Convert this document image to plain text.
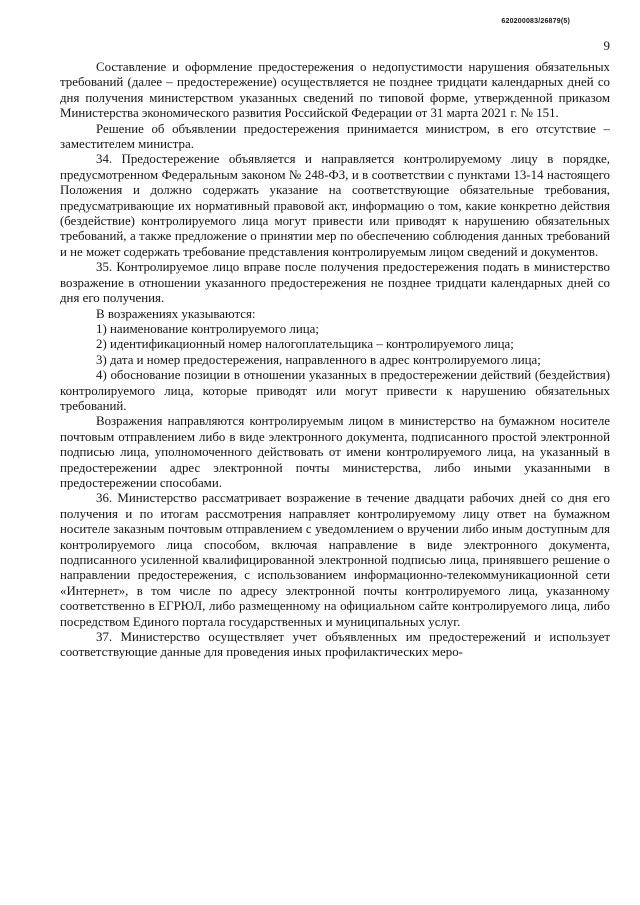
620200083/26879(5)
9

Составление и оформление предостережения о недопустимости нарушения обязательных требований (далее – предостережение) осуществляется не позднее тридцати календарных дней со дня получения министерством указанных сведений по типовой форме, утвержденной приказом Министерства экономического развития Российской Федерации от 31 марта 2021 г. № 151.

Решение об объявлении предостережения принимается министром, в его отсутствие – заместителем министра.

34. Предостережение объявляется и направляется контролируемому лицу в порядке, предусмотренном Федеральным законом № 248-ФЗ, и в соответствии с пунктами 13-14 настоящего Положения и должно содержать указание на соответствующие обязательные требования, предусматривающие их нормативный правовой акт, информацию о том, какие конкретно действия (бездействие) контролируемого лица могут привести или приводят к нарушению обязательных требований, а также предложение о принятии мер по обеспечению соблюдения данных требований и не может содержать требование представления контролируемым лицом сведений и документов.

35. Контролируемое лицо вправе после получения предостережения подать в министерство возражение в отношении указанного предостережения не позднее тридцати календарных дней со дня его получения.

В возражениях указываются:

1) наименование контролируемого лица;

2) идентификационный номер налогоплательщика – контролируемого лица;

3) дата и номер предостережения, направленного в адрес контролируемого лица;

4) обоснование позиции в отношении указанных в предостережении действий (бездействия) контролируемого лица, которые приводят или могут привести к нарушению обязательных требований.

Возражения направляются контролируемым лицом в министерство на бумажном носителе почтовым отправлением либо в виде электронного документа, подписанного простой электронной подписью лица, уполномоченного действовать от имени контролируемого лица, на указанный в предостережении адрес электронной почты министерства, либо иными указанными в предостережении способами.

36. Министерство рассматривает возражение в течение двадцати рабочих дней со дня его получения и по итогам рассмотрения направляет контролируемому лицу ответ на бумажном носителе заказным почтовым отправлением с уведомлением о вручении либо иным доступным для контролируемого лица способом, включая направление в виде электронного документа, подписанного усиленной квалифицированной электронной подписью лица, принявшего решение о направлении предостережения, с использованием информационно-телекоммуникационной сети «Интернет», в том числе по адресу электронной почты контролируемого лица, указанному соответственно в ЕГРЮЛ, либо размещенному на официальном сайте контролируемого лица, либо посредством Единого портала государственных и муниципальных услуг.

37. Министерство осуществляет учет объявленных им предостережений и использует соответствующие данные для проведения иных профилактических меро-
